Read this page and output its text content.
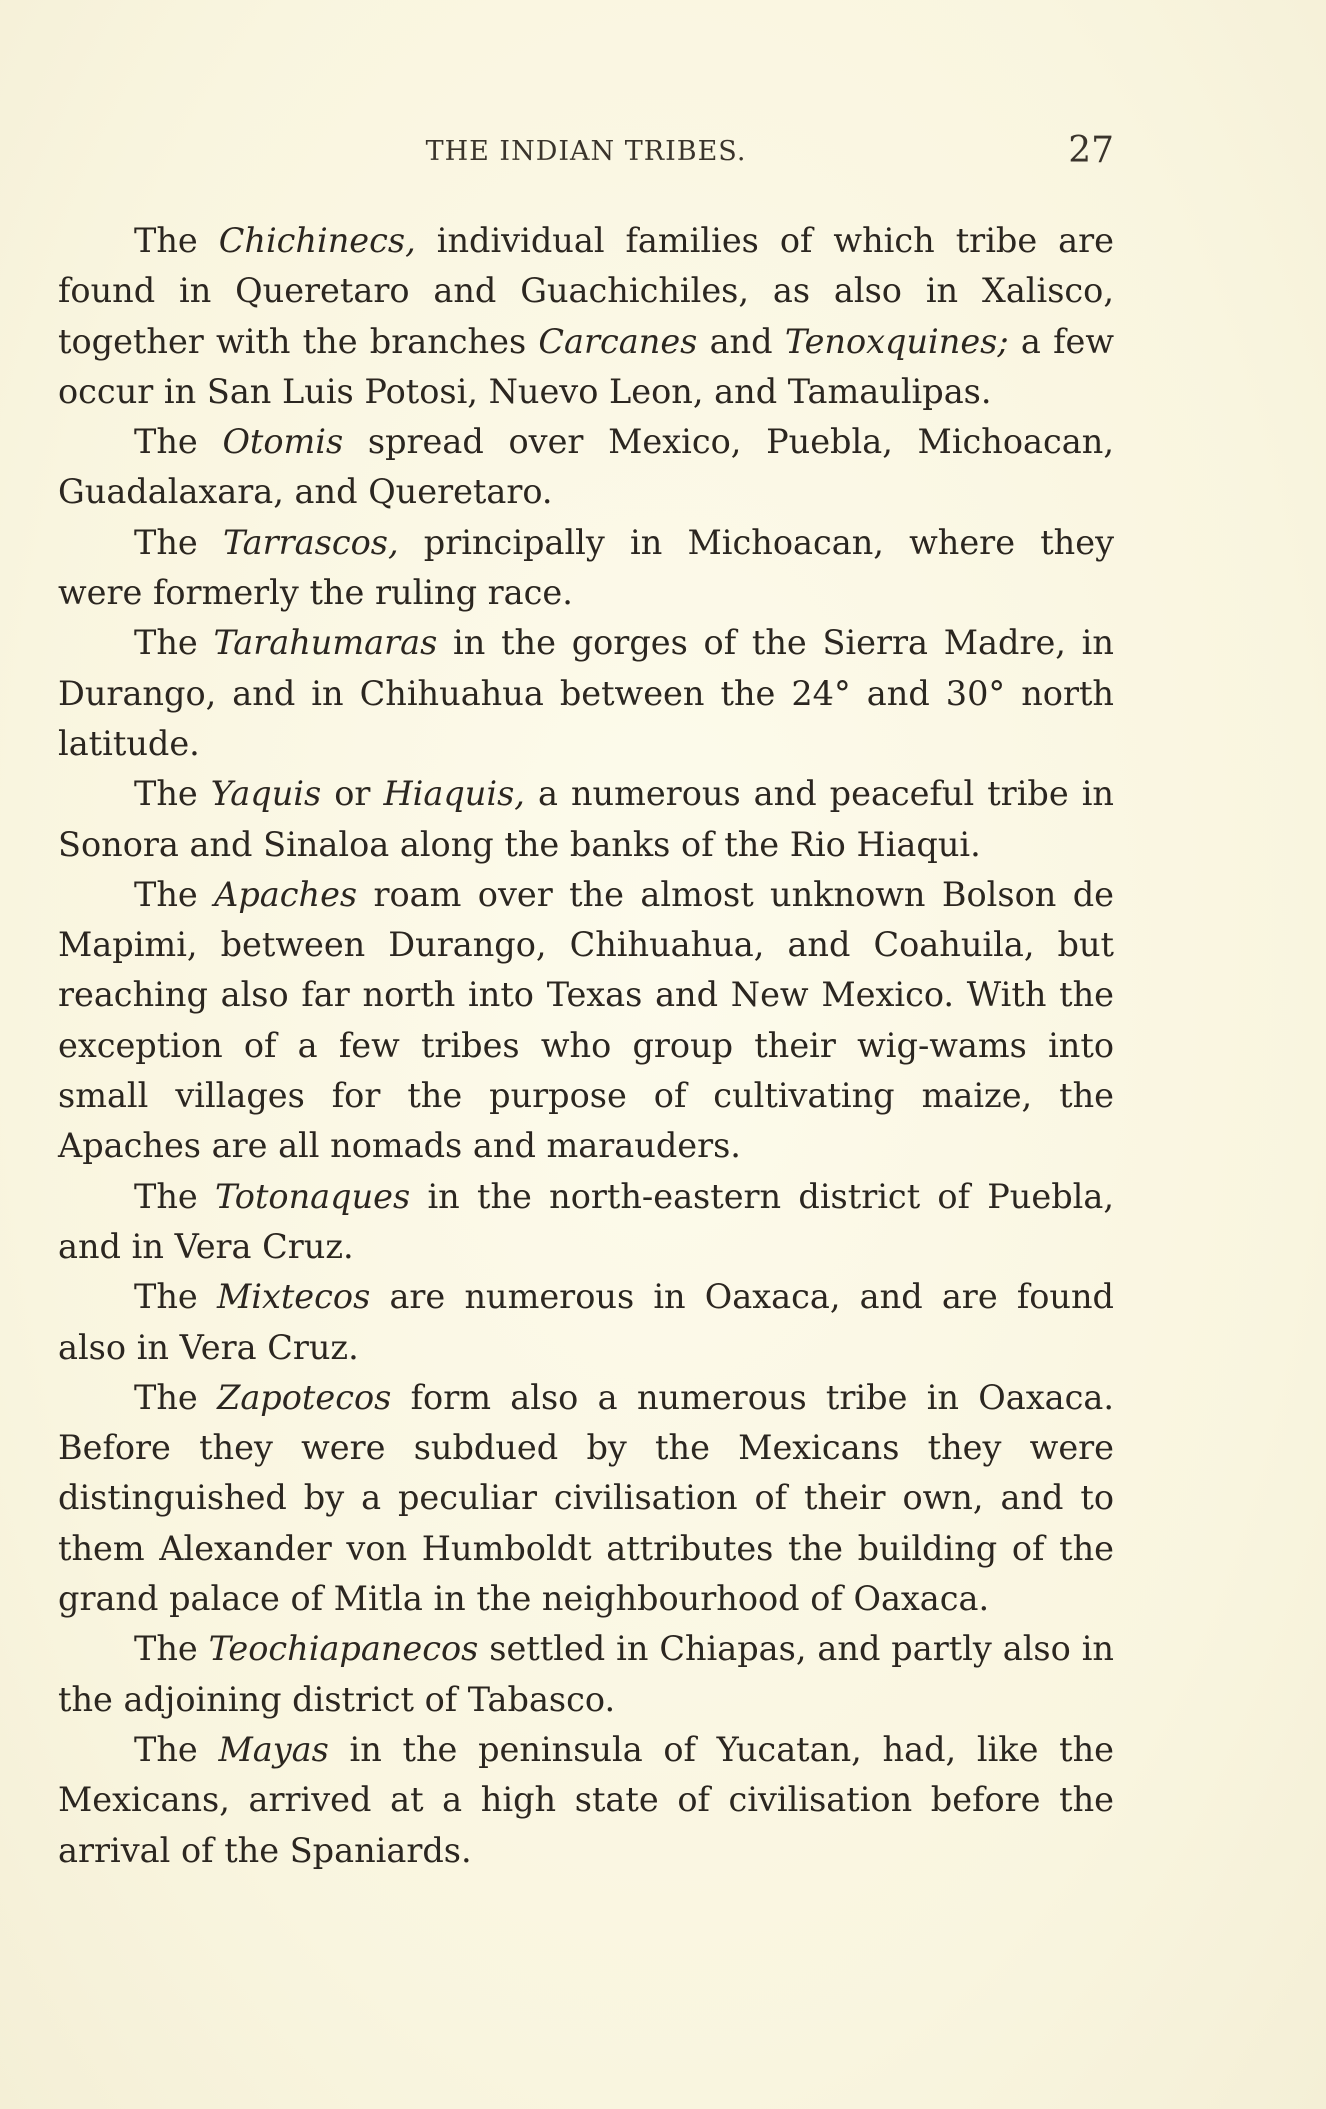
THE INDIAN TRIBES.	27

The Chichinecs, individual families of which tribe are found in Queretaro and Guachichiles, as also in Xalisco, together with the branches Carcanes and Tenoxquines; a few occur in San Luis Potosi, Nuevo Leon, and Tamaulipas.

The Otomis spread over Mexico, Puebla, Michoacan, Guadalaxara, and Queretaro.

The Tarrascos, principally in Michoacan, where they were formerly the ruling race.

The Tarahumaras in the gorges of the Sierra Madre, in Durango, and in Chihuahua between the 24° and 30° north latitude.

The Yaquis or Hiaquis, a numerous and peaceful tribe in Sonora and Sinaloa along the banks of the Rio Hiaqui.

The Apaches roam over the almost unknown Bolson de Mapimi, between Durango, Chihuahua, and Coahuila, but reaching also far north into Texas and New Mexico. With the exception of a few tribes who group their wig-wams into small villages for the purpose of cultivating maize, the Apaches are all nomads and marauders.

The Totonaques in the north-eastern district of Puebla, and in Vera Cruz.

The Mixtecos are numerous in Oaxaca, and are found also in Vera Cruz.

The Zapotecos form also a numerous tribe in Oaxaca. Before they were subdued by the Mexicans they were distinguished by a peculiar civilisation of their own, and to them Alexander von Humboldt attributes the building of the grand palace of Mitla in the neighbourhood of Oaxaca.

The Teochiapanecos settled in Chiapas, and partly also in the adjoining district of Tabasco.

The Mayas in the peninsula of Yucatan, had, like the Mexicans, arrived at a high state of civilisation before the arrival of the Spaniards.
